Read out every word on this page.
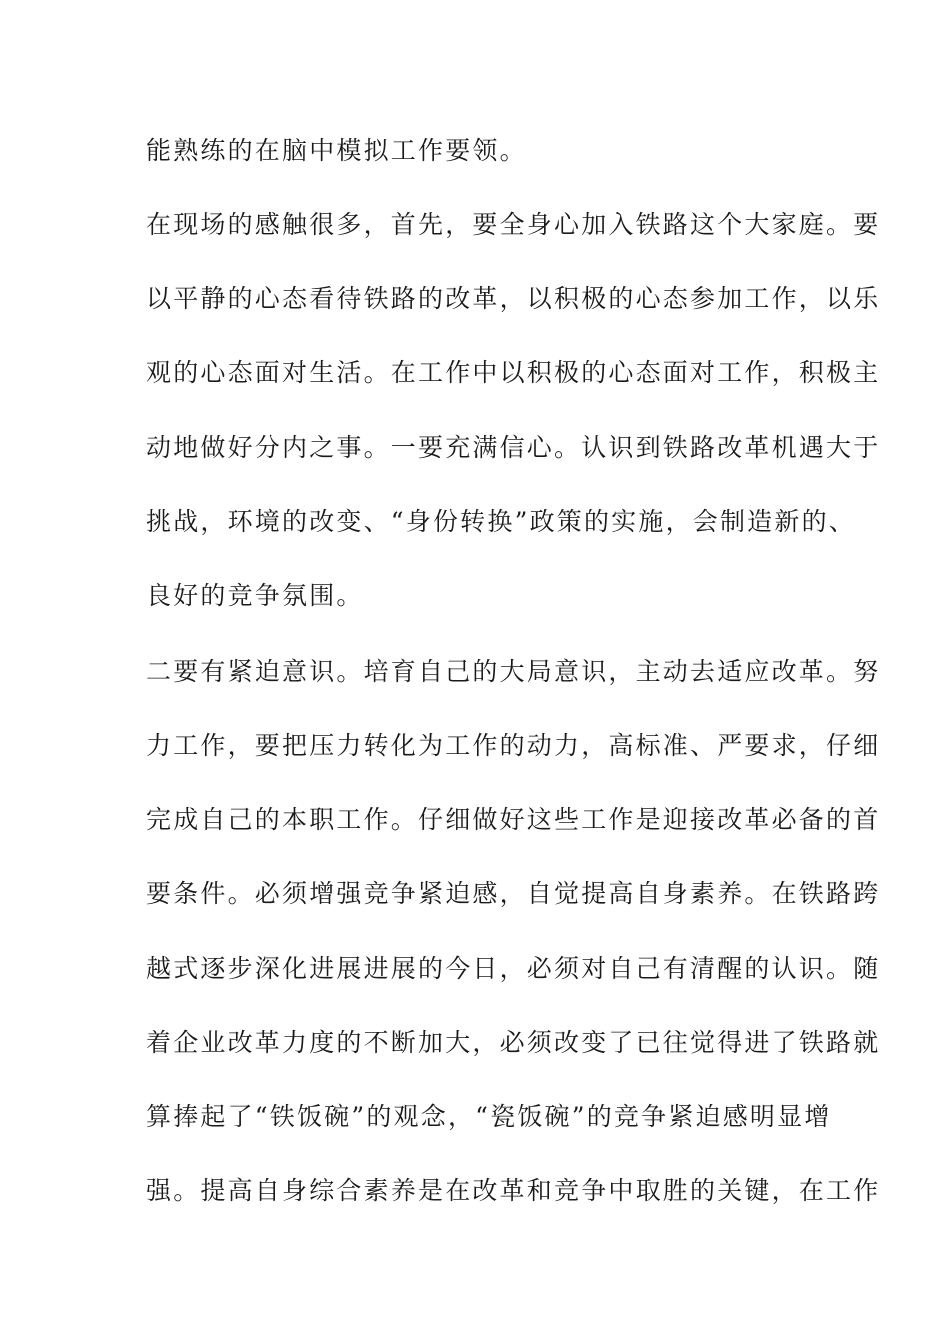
能熟练的在脑中模拟工作要领。
在现场的感触很多，首先，要全身心加入铁路这个大家庭。要
以平静的心态看待铁路的改革，以积极的心态参加工作，以乐
观的心态面对生活。在工作中以积极的心态面对工作，积极主
动地做好分内之事。一要充满信心。认识到铁路改革机遇大于
挑战，环境的改变、“身份转换”政策的实施，会制造新的、
良好的竞争氛围。
二要有紧迫意识。培育自己的大局意识，主动去适应改革。努
力工作，要把压力转化为工作的动力，高标准、严要求，仔细
完成自己的本职工作。仔细做好这些工作是迎接改革必备的首
要条件。必须增强竞争紧迫感，自觉提高自身素养。在铁路跨
越式逐步深化进展进展的今日，必须对自己有清醒的认识。随
着企业改革力度的不断加大，必须改变了已往觉得进了铁路就
算捧起了“铁饭碗”的观念，“瓷饭碗”的竞争紧迫感明显增
强。提高自身综合素养是在改革和竞争中取胜的关键，在工作
